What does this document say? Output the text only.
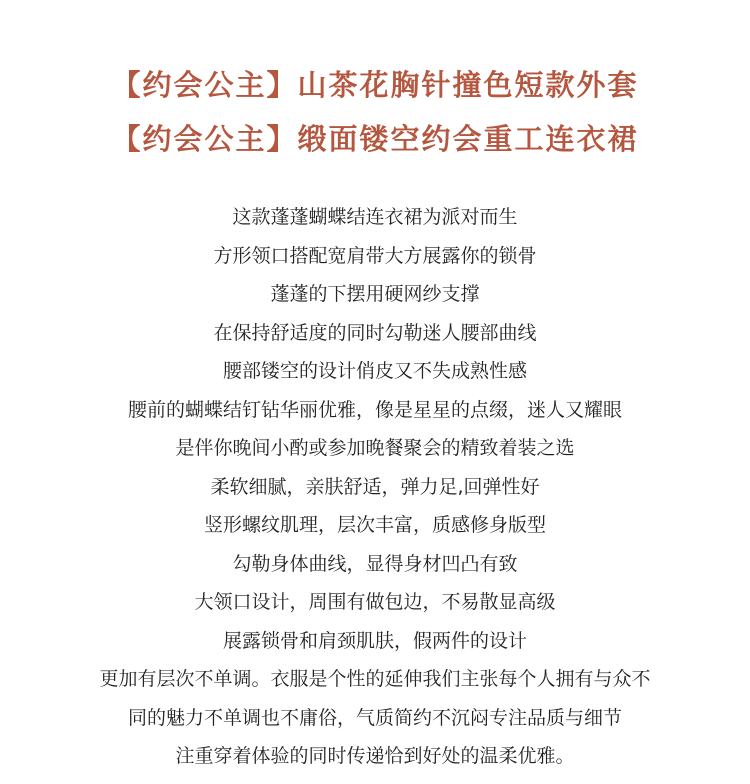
【约会公主】山茶花胸针撞色短款外套
【约会公主】缎面镂空约会重工连衣裙
这款蓬蓬蝴蝶结连衣裙为派对而生
方形领口搭配宽肩带大方展露你的锁骨
蓬蓬的下摆用硬网纱支撑
在保持舒适度的同时勾勒迷人腰部曲线
腰部镂空的设计俏皮又不失成熟性感
腰前的蝴蝶结钉钻华丽优雅，像是星星的点缀，迷人又耀眼
是伴你晚间小酌或参加晚餐聚会的精致着装之选
柔软细腻，亲肤舒适，弹力足,回弹性好
竖形螺纹肌理，层次丰富，质感修身版型
勾勒身体曲线，显得身材凹凸有致
大领口设计，周围有做包边，不易散显高级
展露锁骨和肩颈肌肤，假两件的设计
更加有层次不单调。衣服是个性的延伸我们主张每个人拥有与众不
同的魅力不单调也不庸俗，气质简约不沉闷专注品质与细节
注重穿着体验的同时传递恰到好处的温柔优雅。
